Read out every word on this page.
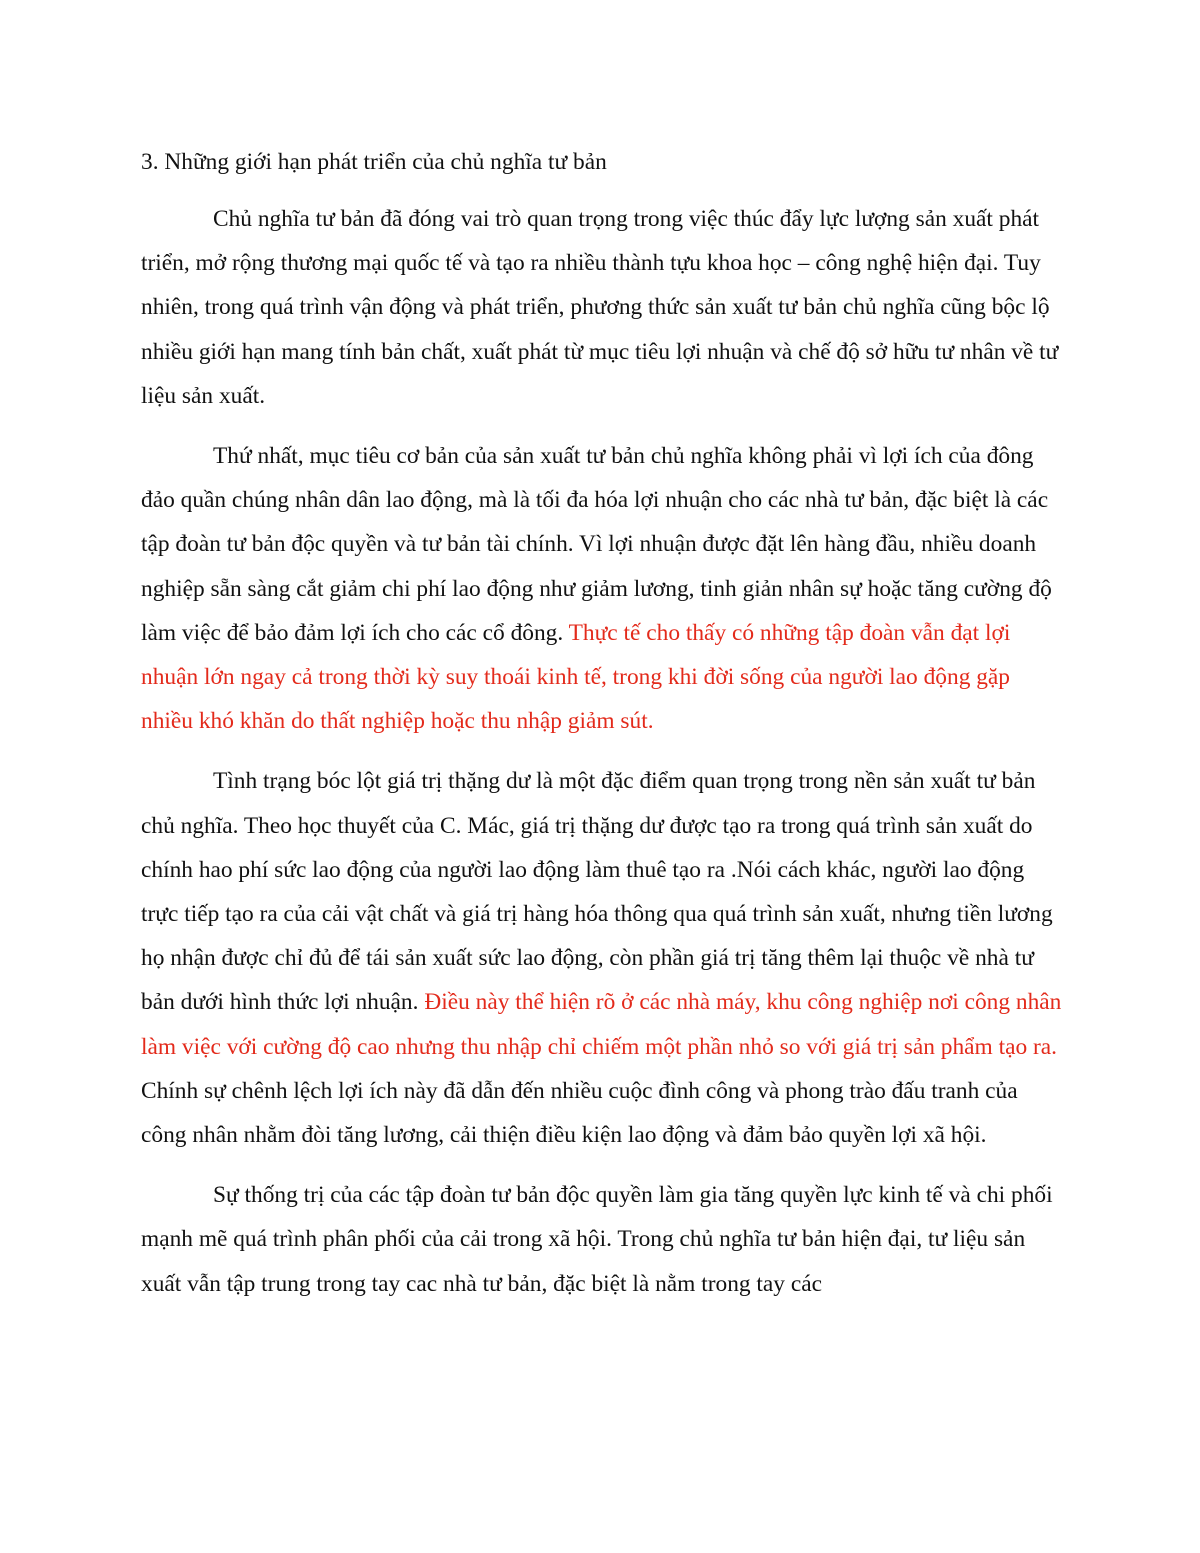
3. Những giới hạn phát triển của chủ nghĩa tư bản

Chủ nghĩa tư bản đã đóng vai trò quan trọng trong việc thúc đẩy lực lượng sản xuất phát triển, mở rộng thương mại quốc tế và tạo ra nhiều thành tựu khoa học – công nghệ hiện đại. Tuy nhiên, trong quá trình vận động và phát triển, phương thức sản xuất tư bản chủ nghĩa cũng bộc lộ nhiều giới hạn mang tính bản chất, xuất phát từ mục tiêu lợi nhuận và chế độ sở hữu tư nhân về tư liệu sản xuất.

Thứ nhất, mục tiêu cơ bản của sản xuất tư bản chủ nghĩa không phải vì lợi ích của đông đảo quần chúng nhân dân lao động, mà là tối đa hóa lợi nhuận cho các nhà tư bản, đặc biệt là các tập đoàn tư bản độc quyền và tư bản tài chính. Vì lợi nhuận được đặt lên hàng đầu, nhiều doanh nghiệp sẵn sàng cắt giảm chi phí lao động như giảm lương, tinh giản nhân sự hoặc tăng cường độ làm việc để bảo đảm lợi ích cho các cổ đông. Thực tế cho thấy có những tập đoàn vẫn đạt lợi nhuận lớn ngay cả trong thời kỳ suy thoái kinh tế, trong khi đời sống của người lao động gặp nhiều khó khăn do thất nghiệp hoặc thu nhập giảm sút.

Tình trạng bóc lột giá trị thặng dư là một đặc điểm quan trọng trong nền sản xuất tư bản chủ nghĩa. Theo học thuyết của C. Mác, giá trị thặng dư được tạo ra trong quá trình sản xuất do chính hao phí sức lao động của người lao động làm thuê tạo ra .Nói cách khác, người lao động trực tiếp tạo ra của cải vật chất và giá trị hàng hóa thông qua quá trình sản xuất, nhưng tiền lương họ nhận được chỉ đủ để tái sản xuất sức lao động, còn phần giá trị tăng thêm lại thuộc về nhà tư bản dưới hình thức lợi nhuận. Điều này thể hiện rõ ở các nhà máy, khu công nghiệp nơi công nhân làm việc với cường độ cao nhưng thu nhập chỉ chiếm một phần nhỏ so với giá trị sản phẩm tạo ra. Chính sự chênh lệch lợi ích này đã dẫn đến nhiều cuộc đình công và phong trào đấu tranh của công nhân nhằm đòi tăng lương, cải thiện điều kiện lao động và đảm bảo quyền lợi xã hội.

Sự thống trị của các tập đoàn tư bản độc quyền làm gia tăng quyền lực kinh tế và chi phối mạnh mẽ quá trình phân phối của cải trong xã hội. Trong chủ nghĩa tư bản hiện đại, tư liệu sản xuất vẫn tập trung trong tay cac nhà tư bản, đặc biệt là nằm trong tay các
